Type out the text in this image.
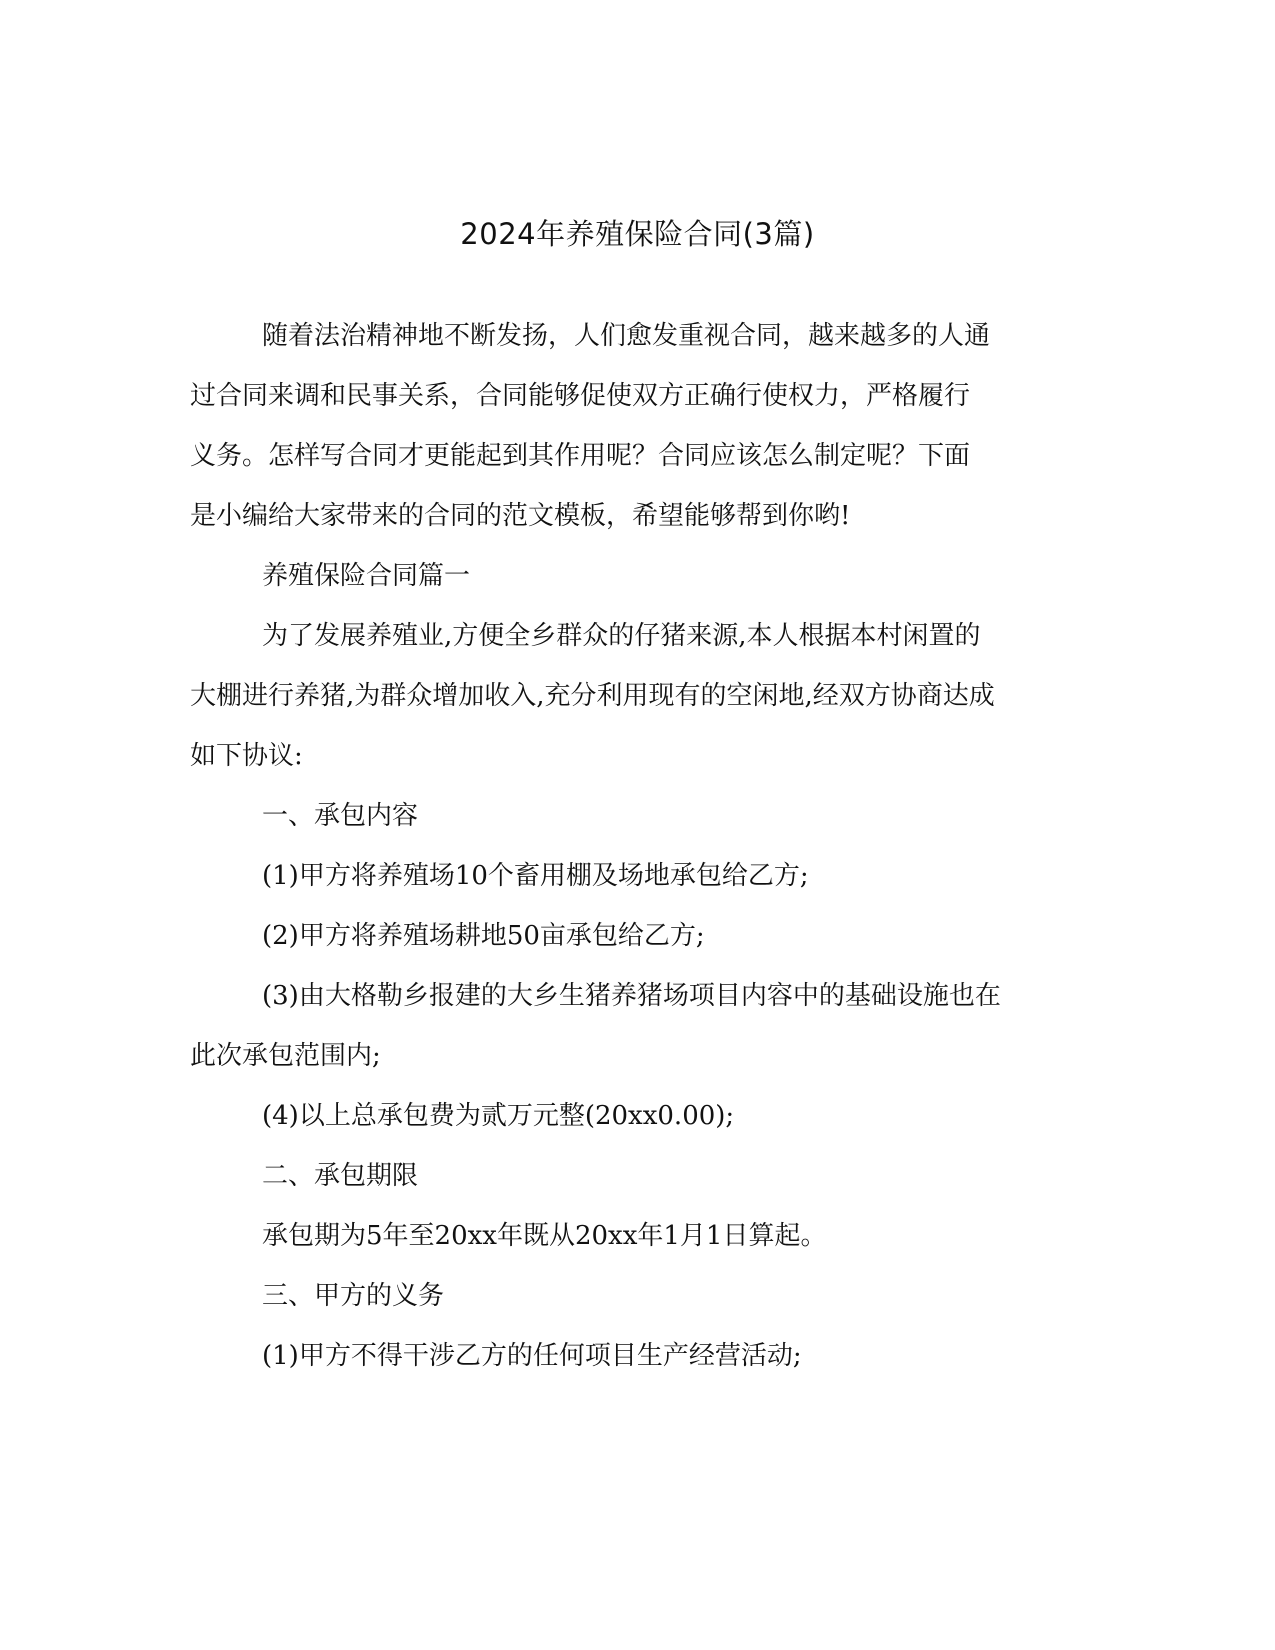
2024年养殖保险合同(3篇)
随着法治精神地不断发扬，人们愈发重视合同，越来越多的人通
过合同来调和民事关系，合同能够促使双方正确行使权力，严格履行
义务。怎样写合同才更能起到其作用呢？合同应该怎么制定呢？下面
是小编给大家带来的合同的范文模板，希望能够帮到你哟!
养殖保险合同篇一
为了发展养殖业,方便全乡群众的仔猪来源,本人根据本村闲置的
大棚进行养猪,为群众增加收入,充分利用现有的空闲地,经双方协商达成
如下协议:
一、承包内容
(1)甲方将养殖场10个畜用棚及场地承包给乙方;
(2)甲方将养殖场耕地50亩承包给乙方;
(3)由大格勒乡报建的大乡生猪养猪场项目内容中的基础设施也在
此次承包范围内;
(4)以上总承包费为贰万元整(20xx0.00);
二、承包期限
承包期为5年至20xx年既从20xx年1月1日算起。
三、甲方的义务
(1)甲方不得干涉乙方的任何项目生产经营活动;
